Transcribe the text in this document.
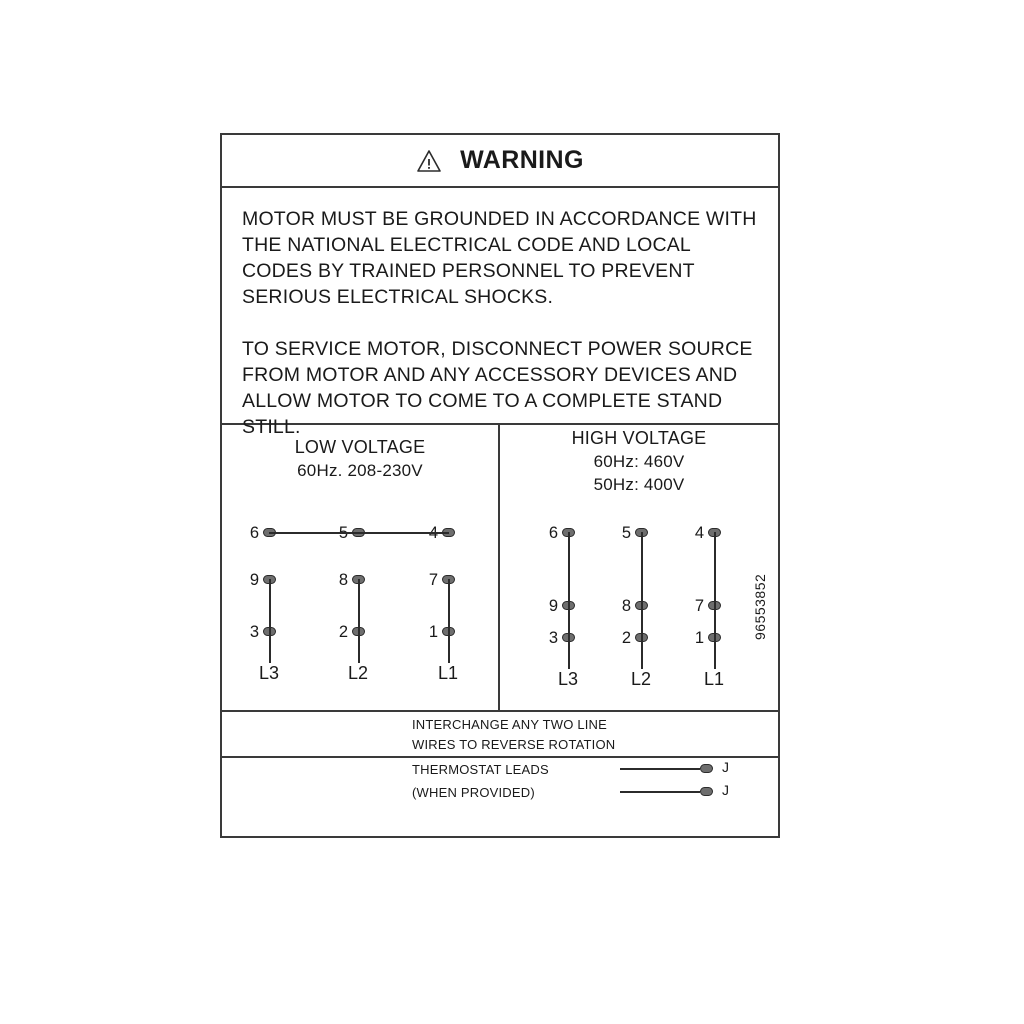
WARNING

MOTOR MUST BE GROUNDED IN ACCORDANCE WITH THE NATIONAL ELECTRICAL CODE AND LOCAL CODES BY TRAINED PERSONNEL TO PREVENT SERIOUS ELECTRICAL SHOCKS.

TO SERVICE MOTOR, DISCONNECT POWER SOURCE FROM MOTOR AND ANY ACCESSORY DEVICES AND ALLOW MOTOR TO COME TO A COMPLETE STAND STILL.

LOW VOLTAGE
60Hz. 208-230V
6
9
3
L3
8
2
L2
7
1
L1
HIGH VOLTAGE
60Hz: 460V
50Hz: 400V
6
9
3
L3
5
8
2
L2
4
7
1
L1
INTERCHANGE ANY TWO LINE
WIRES TO REVERSE ROTATION
THERMOSTAT LEADS
(WHEN PROVIDED)
J
J
96553852
